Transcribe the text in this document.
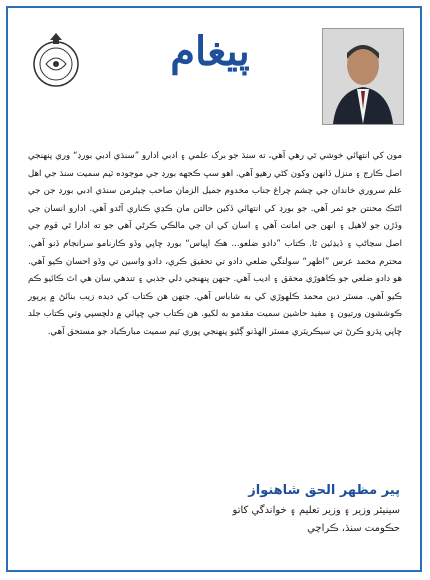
پيغام

مون کي انتهائي خوشي ٿي رهي آهي، ته سنڌ جو برک علمي ۽ ادبي ادارو ”سنڌي ادبي بورڊ“ وري پنهنجي اصل ڪارج ۽ منزل ڏانهن وکون کڻي رهيو آهي. اهو سڀ ڪجهه بورڊ جي موجوده ٽيم سميت سنڌ جي اهل علم سروري خاندان جي چشم چراغ جناب مخدوم جميل الزمان صاحب چيئرمن سنڌي ادبي بورڊ جن جي اڻٿڪ محنتن جو ثمر آهي. جو بورڊ کي انتهائي ڏکين حالتن مان ڪڍي ڪناري آڻدو آهي. ادارو انسان جي وڏڙن جو لاهيل ۽ انهن جي امانت آهي ۽ اسان کي ان جي مالڪي ڪرڻي آهي جو ته ادارا ٿي قوم جي اصل سڃاڻپ ۽ ڏيڍئين ٿا. ڪتاب ”دادو ضلعو... هڪ اڀياس“ بورڊ ڇاپي وڏو ڪارنامو سرانجام ڏنو آهي. محترم محمد عرس ”اظهر“ سولنگي ضلعي دادو تي تحقيق ڪري، دادو واسين تي وڏو احسان ڪيو آهي. هو دادو ضلعي جو ڪاهوڙي محقق ۽ اديب آهي. جنهن پنهنجي دلي جذبي ۽ تندهي سان هي اٿ ڪائيو ڪم ڪيو آهي. مسٽر دين محمد ڪلهوڙي کي به شاباس آهي. جنهن هن ڪتاب کي ديده زيب بنائڻ ۾ پرپور ڪوششون ورتيون ۽ مفيد حاشين سميت مقدمو به لکيو. هن ڪتاب جي ڇپائي ۾ دلچسپي وٺي ڪتاب جلد ڇاپي پڌرو ڪرڻ تي سيڪريٽري مسٽر الهڏنو ڳڻيو پنهنجي پوري ٽيم سميت مبارڪباد جو مستحق آهي.

پير مظهر الحق شاهنواز
سينيئر وزير ۽ وزير تعليم ۽ خواندگي کاتو
حڪومت سنڌ، ڪراچي
